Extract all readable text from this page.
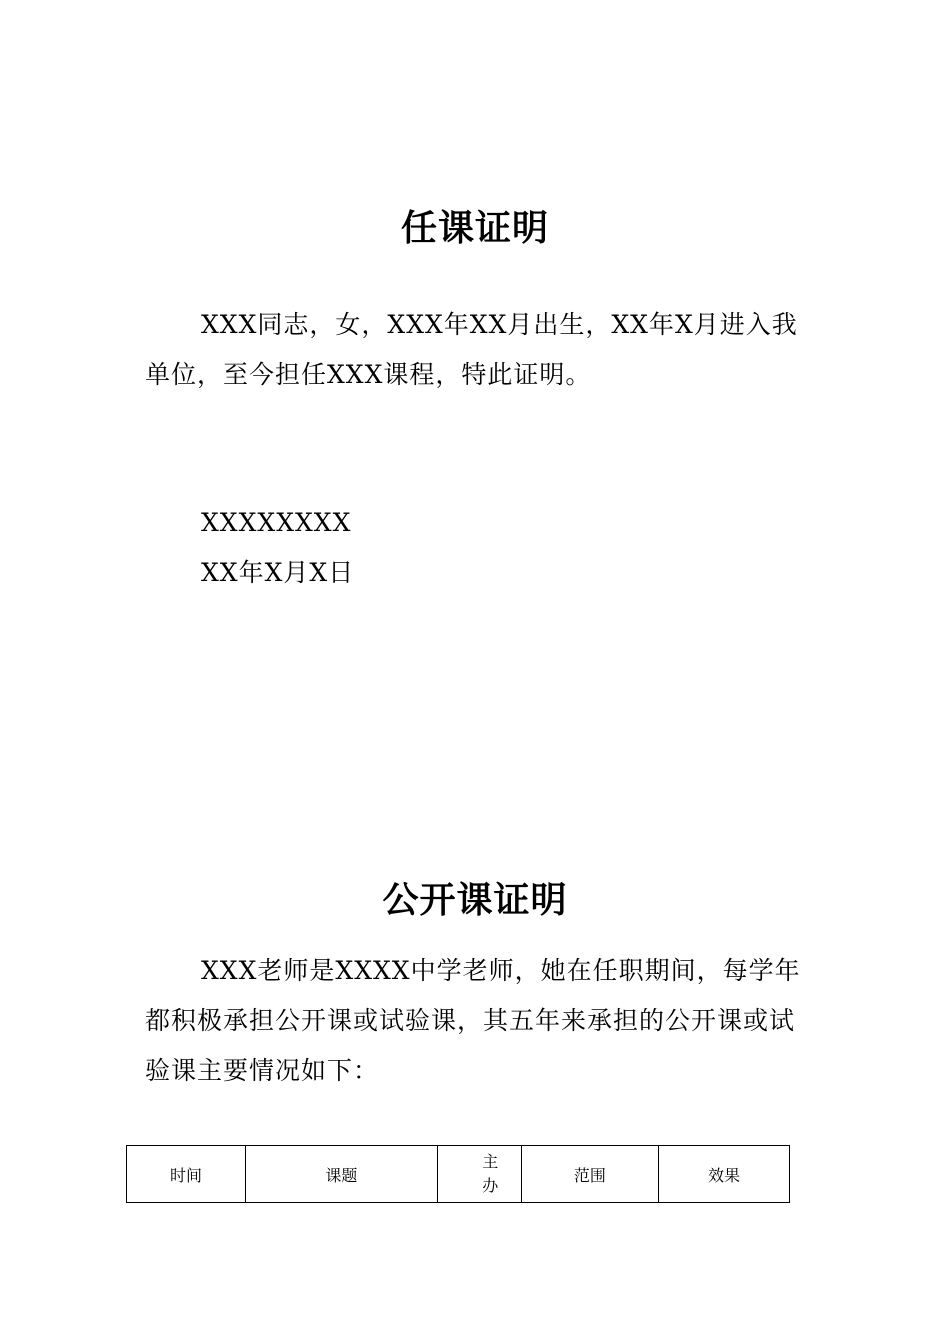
任课证明
XXX同志，女，XXX年XX月出生，XX年X月进入我单位，至今担任XXX课程，特此证明。
XXXXXXXX
XX年X月X日
公开课证明
XXX老师是XXXX中学老师，她在任职期间，每学年都积极承担公开课或试验课，其五年来承担的公开课或试验课主要情况如下：
时间	课题	主办	范围	效果
